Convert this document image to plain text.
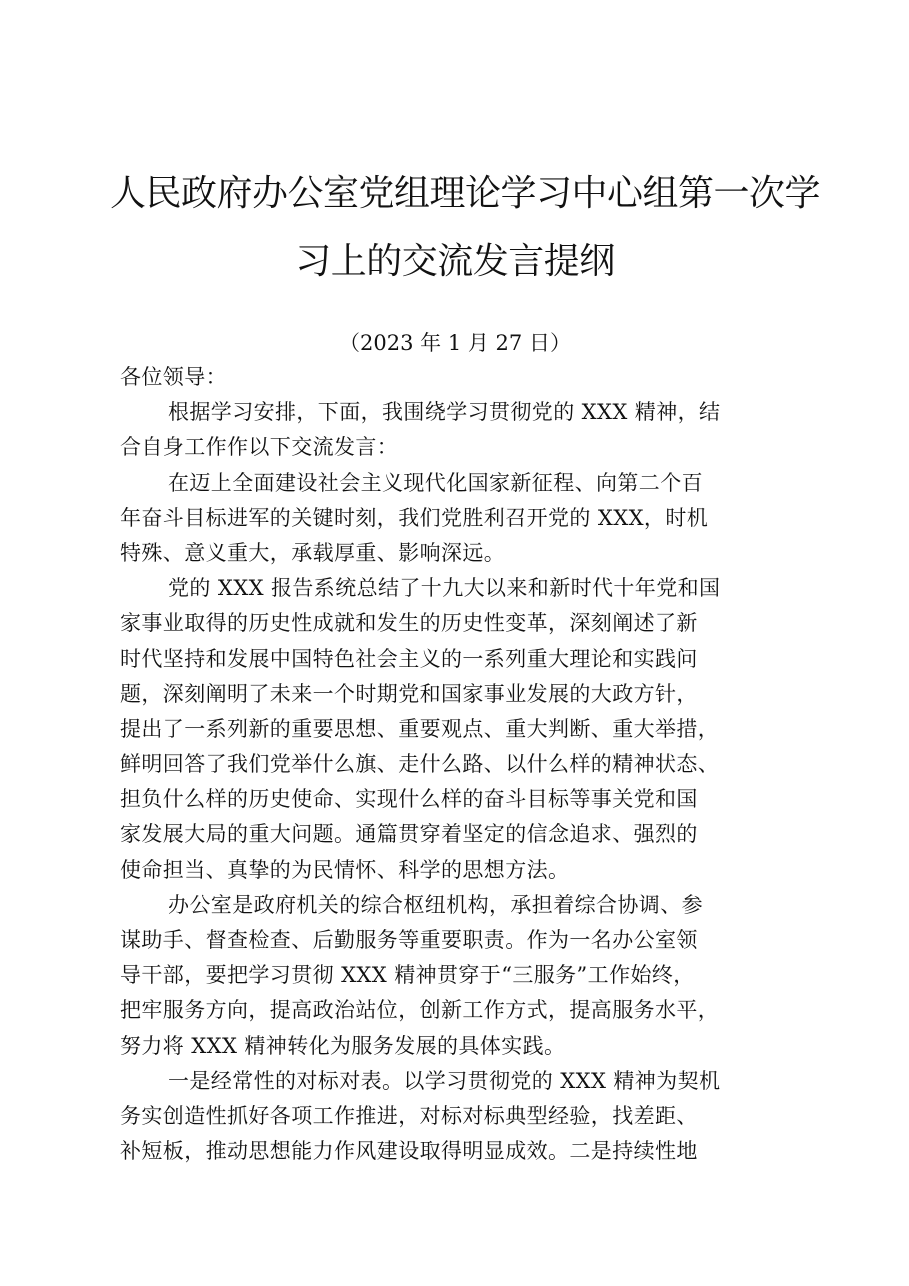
人民政府办公室党组理论学习中心组第一次学
习上的交流发言提纲
（2023 年 1 月 27 日）
各位领导：
根据学习安排，下面，我围绕学习贯彻党的 XXX 精神，结
合自身工作作以下交流发言：
在迈上全面建设社会主义现代化国家新征程、向第二个百
年奋斗目标进军的关键时刻，我们党胜利召开党的 XXX，时机
特殊、意义重大，承载厚重、影响深远。
党的 XXX 报告系统总结了十九大以来和新时代十年党和国
家事业取得的历史性成就和发生的历史性变革，深刻阐述了新
时代坚持和发展中国特色社会主义的一系列重大理论和实践问
题，深刻阐明了未来一个时期党和国家事业发展的大政方针，
提出了一系列新的重要思想、重要观点、重大判断、重大举措，
鲜明回答了我们党举什么旗、走什么路、以什么样的精神状态、
担负什么样的历史使命、实现什么样的奋斗目标等事关党和国
家发展大局的重大问题。通篇贯穿着坚定的信念追求、强烈的
使命担当、真挚的为民情怀、科学的思想方法。
办公室是政府机关的综合枢纽机构，承担着综合协调、参
谋助手、督查检查、后勤服务等重要职责。作为一名办公室领
导干部，要把学习贯彻 XXX 精神贯穿于“三服务”工作始终，
把牢服务方向，提高政治站位，创新工作方式，提高服务水平，
努力将 XXX 精神转化为服务发展的具体实践。
一是经常性的对标对表。以学习贯彻党的 XXX 精神为契机
务实创造性抓好各项工作推进，对标对标典型经验，找差距、
补短板，推动思想能力作风建设取得明显成效。二是持续性地
